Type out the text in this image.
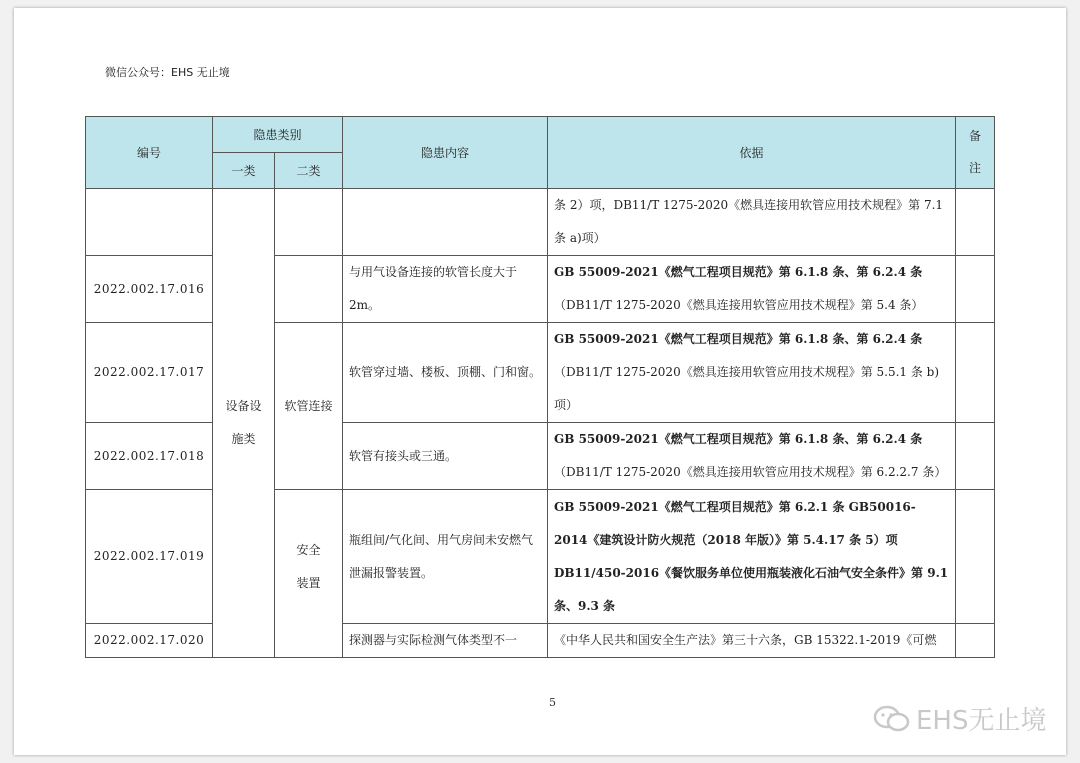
微信公众号：EHS 无止境
5
编号	隐患类别		隐患内容	依据	备注
	一类	二类			
	设备设施类			条 2）项，DB11/T 1275-2020《燃具连接用软管应用技术规程》第 7.1 条 a)项）	
2022.002.17.016			与用气设备连接的软管长度大于 2m。	GB 55009-2021《燃气工程项目规范》第 6.1.8 条、第 6.2.4 条（DB11/T 1275-2020《燃具连接用软管应用技术规程》第 5.4 条）	
2022.002.17.017		软管连接	软管穿过墙、楼板、顶棚、门和窗。	GB 55009-2021《燃气工程项目规范》第 6.1.8 条、第 6.2.4 条（DB11/T 1275-2020《燃具连接用软管应用技术规程》第 5.5.1 条 b)项）	
2022.002.17.018			软管有接头或三通。	GB 55009-2021《燃气工程项目规范》第 6.1.8 条、第 6.2.4 条（DB11/T 1275-2020《燃具连接用软管应用技术规程》第 6.2.2.7 条）	
2022.002.17.019		安全装置	瓶组间/气化间、用气房间未安燃气泄漏报警装置。	GB 55009-2021《燃气工程项目规范》第 6.2.1 条 GB50016-2014《建筑设计防火规范（2018 年版）》第 5.4.17 条 5）项 DB11/450-2016《餐饮服务单位使用瓶装液化石油气安全条件》第 9.1 条、9.3 条	
2022.002.17.020			探测器与实际检测气体类型不一	《中华人民共和国安全生产法》第三十六条，GB 15322.1-2019《可燃	
EHS无止境
